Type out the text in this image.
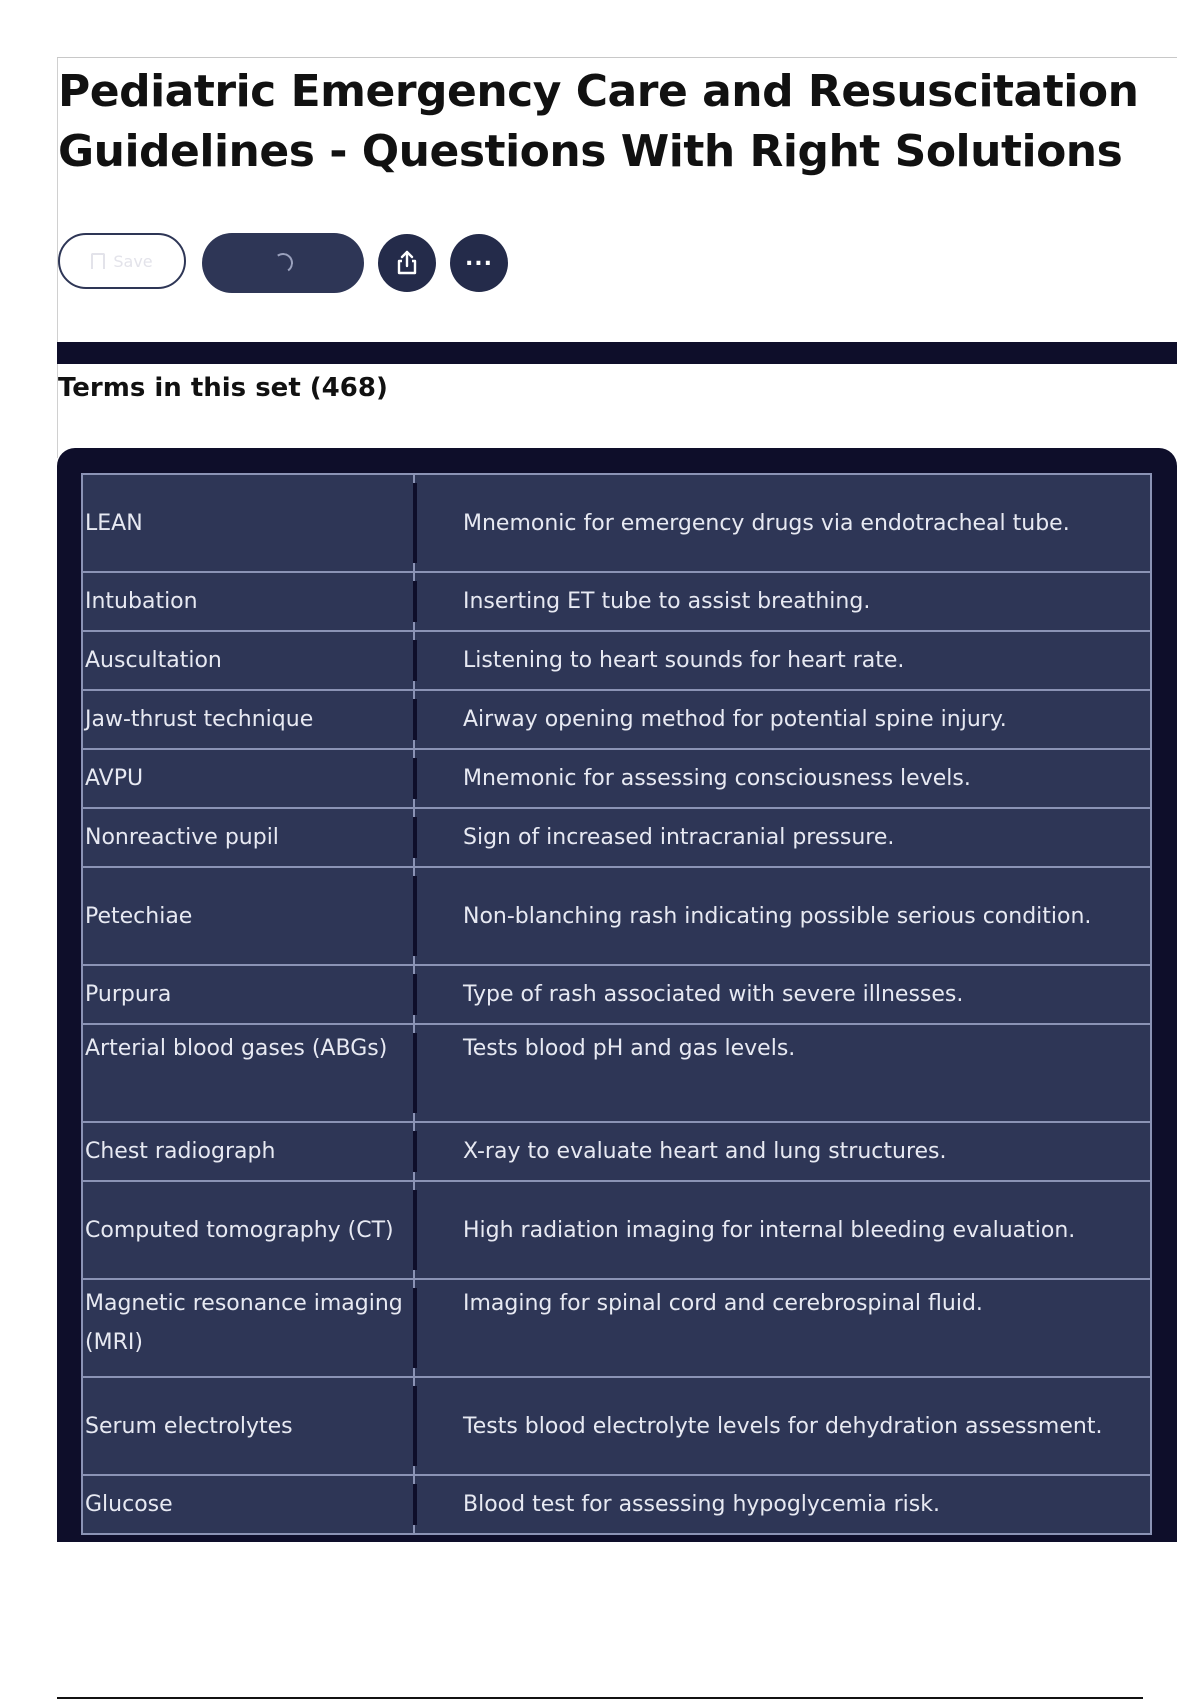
Pediatric Emergency Care and Resuscitation Guidelines - Questions With Right Solutions
Save	...
Terms in this set (468)
LEAN	Mnemonic for emergency drugs via endotracheal tube.
Intubation	Inserting ET tube to assist breathing.
Auscultation	Listening to heart sounds for heart rate.
Jaw-thrust technique	Airway opening method for potential spine injury.
AVPU	Mnemonic for assessing consciousness levels.
Nonreactive pupil	Sign of increased intracranial pressure.
Petechiae	Non-blanching rash indicating possible serious condition.
Purpura	Type of rash associated with severe illnesses.
Arterial blood gases (ABGs)	Tests blood pH and gas levels.
Chest radiograph	X-ray to evaluate heart and lung structures.
Computed tomography (CT)	High radiation imaging for internal bleeding evaluation.
Magnetic resonance imaging (MRI)	Imaging for spinal cord and cerebrospinal fluid.
Serum electrolytes	Tests blood electrolyte levels for dehydration assessment.
Glucose	Blood test for assessing hypoglycemia risk.
